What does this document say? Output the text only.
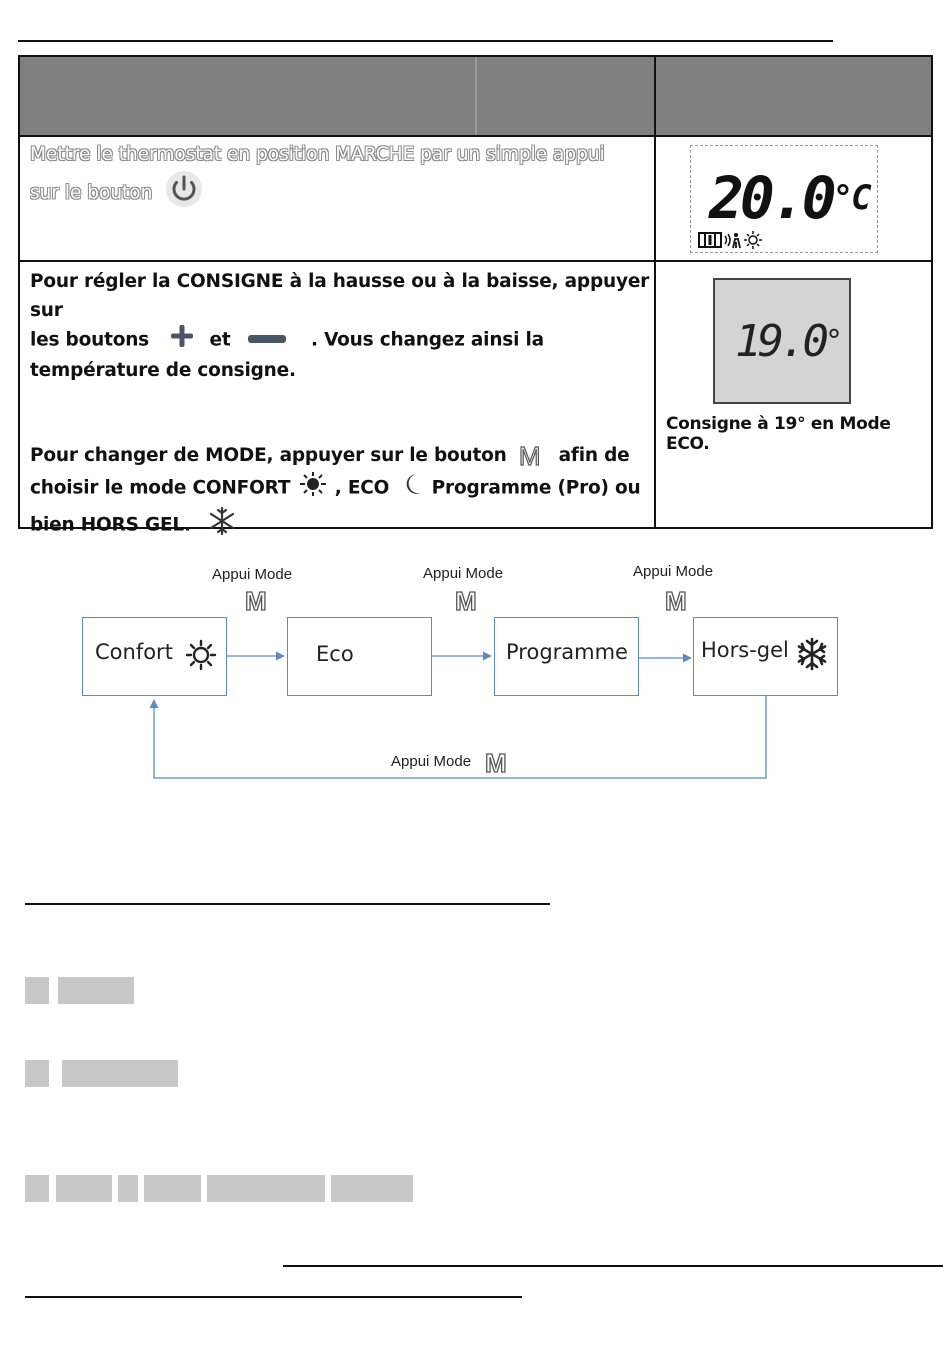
Mettre le thermostat en position MARCHE par un simple appui
sur le bouton	$20.0^{^\circ C}$
Pour régler la CONSIGNE à la hausse ou à la baisse, appuyer sur
les boutons	et	. Vous changez ainsi la
température de consigne.
Pour changer de MODE, appuyer sur le bouton M afin de
choisir le mode CONFORT , ECO Programme (Pro) ou
bien HORS GEL.
19.0°
Consigne à 19° en Mode ECO.
Appui Mode
M
Appui Mode
M
Appui Mode
M
Appui Mode M
Confort	Eco	Programme	Hors-gel
